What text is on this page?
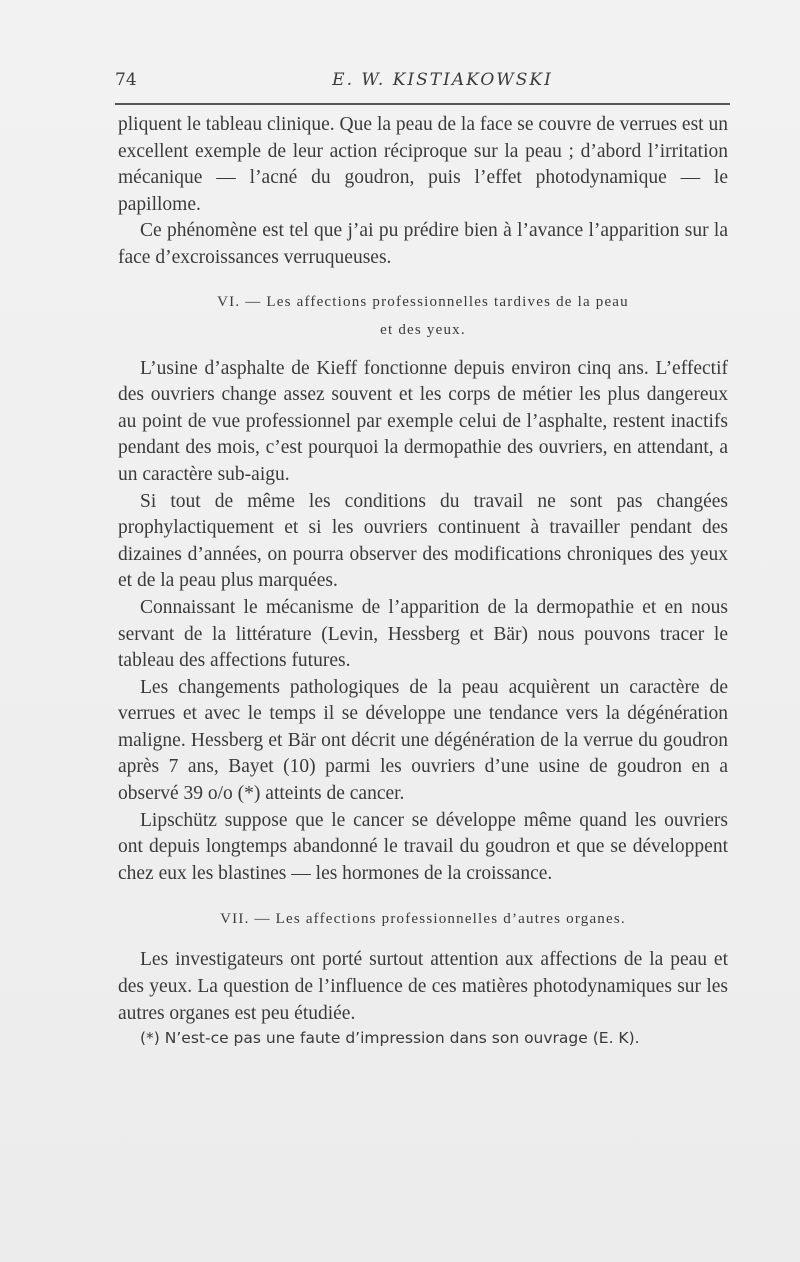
74	E. W. KISTIAKOWSKI

pliquent le tableau clinique. Que la peau de la face se couvre de verrues est un excellent exemple de leur action réciproque sur la peau ; d’abord l’irritation mécanique — l’acné du goudron, puis l’effet photodynamique — le papillome.

Ce phénomène est tel que j’ai pu prédire bien à l’avance l’apparition sur la face d’excroissances verruqueuses.

VI. — Les affections professionnelles tardives de la peau
et des yeux.

L’usine d’asphalte de Kieff fonctionne depuis environ cinq ans. L’effectif des ouvriers change assez souvent et les corps de métier les plus dangereux au point de vue professionnel par exemple celui de l’asphalte, restent inactifs pendant des mois, c’est pourquoi la dermopathie des ouvriers, en attendant, a un caractère sub-aigu.

Si tout de même les conditions du travail ne sont pas changées prophylactiquement et si les ouvriers continuent à travailler pendant des dizaines d’années, on pourra observer des modifications chroniques des yeux et de la peau plus marquées.

Connaissant le mécanisme de l’apparition de la dermopathie et en nous servant de la littérature (Levin, Hessberg et Bär) nous pouvons tracer le tableau des affections futures.

Les changements pathologiques de la peau acquièrent un caractère de verrues et avec le temps il se développe une tendance vers la dégénération maligne. Hessberg et Bär ont décrit une dégénération de la verrue du goudron après 7 ans, Bayet (10) parmi les ouvriers d’une usine de goudron en a observé 39 o/o (*) atteints de cancer.

Lipschütz suppose que le cancer se développe même quand les ouvriers ont depuis longtemps abandonné le travail du goudron et que se développent chez eux les blastines — les hormones de la croissance.

VII. — Les affections professionnelles d’autres organes.

Les investigateurs ont porté surtout attention aux affections de la peau et des yeux. La question de l’influence de ces matières photodynamiques sur les autres organes est peu étudiée.

(*) N’est-ce pas une faute d’impression dans son ouvrage (E. K).
